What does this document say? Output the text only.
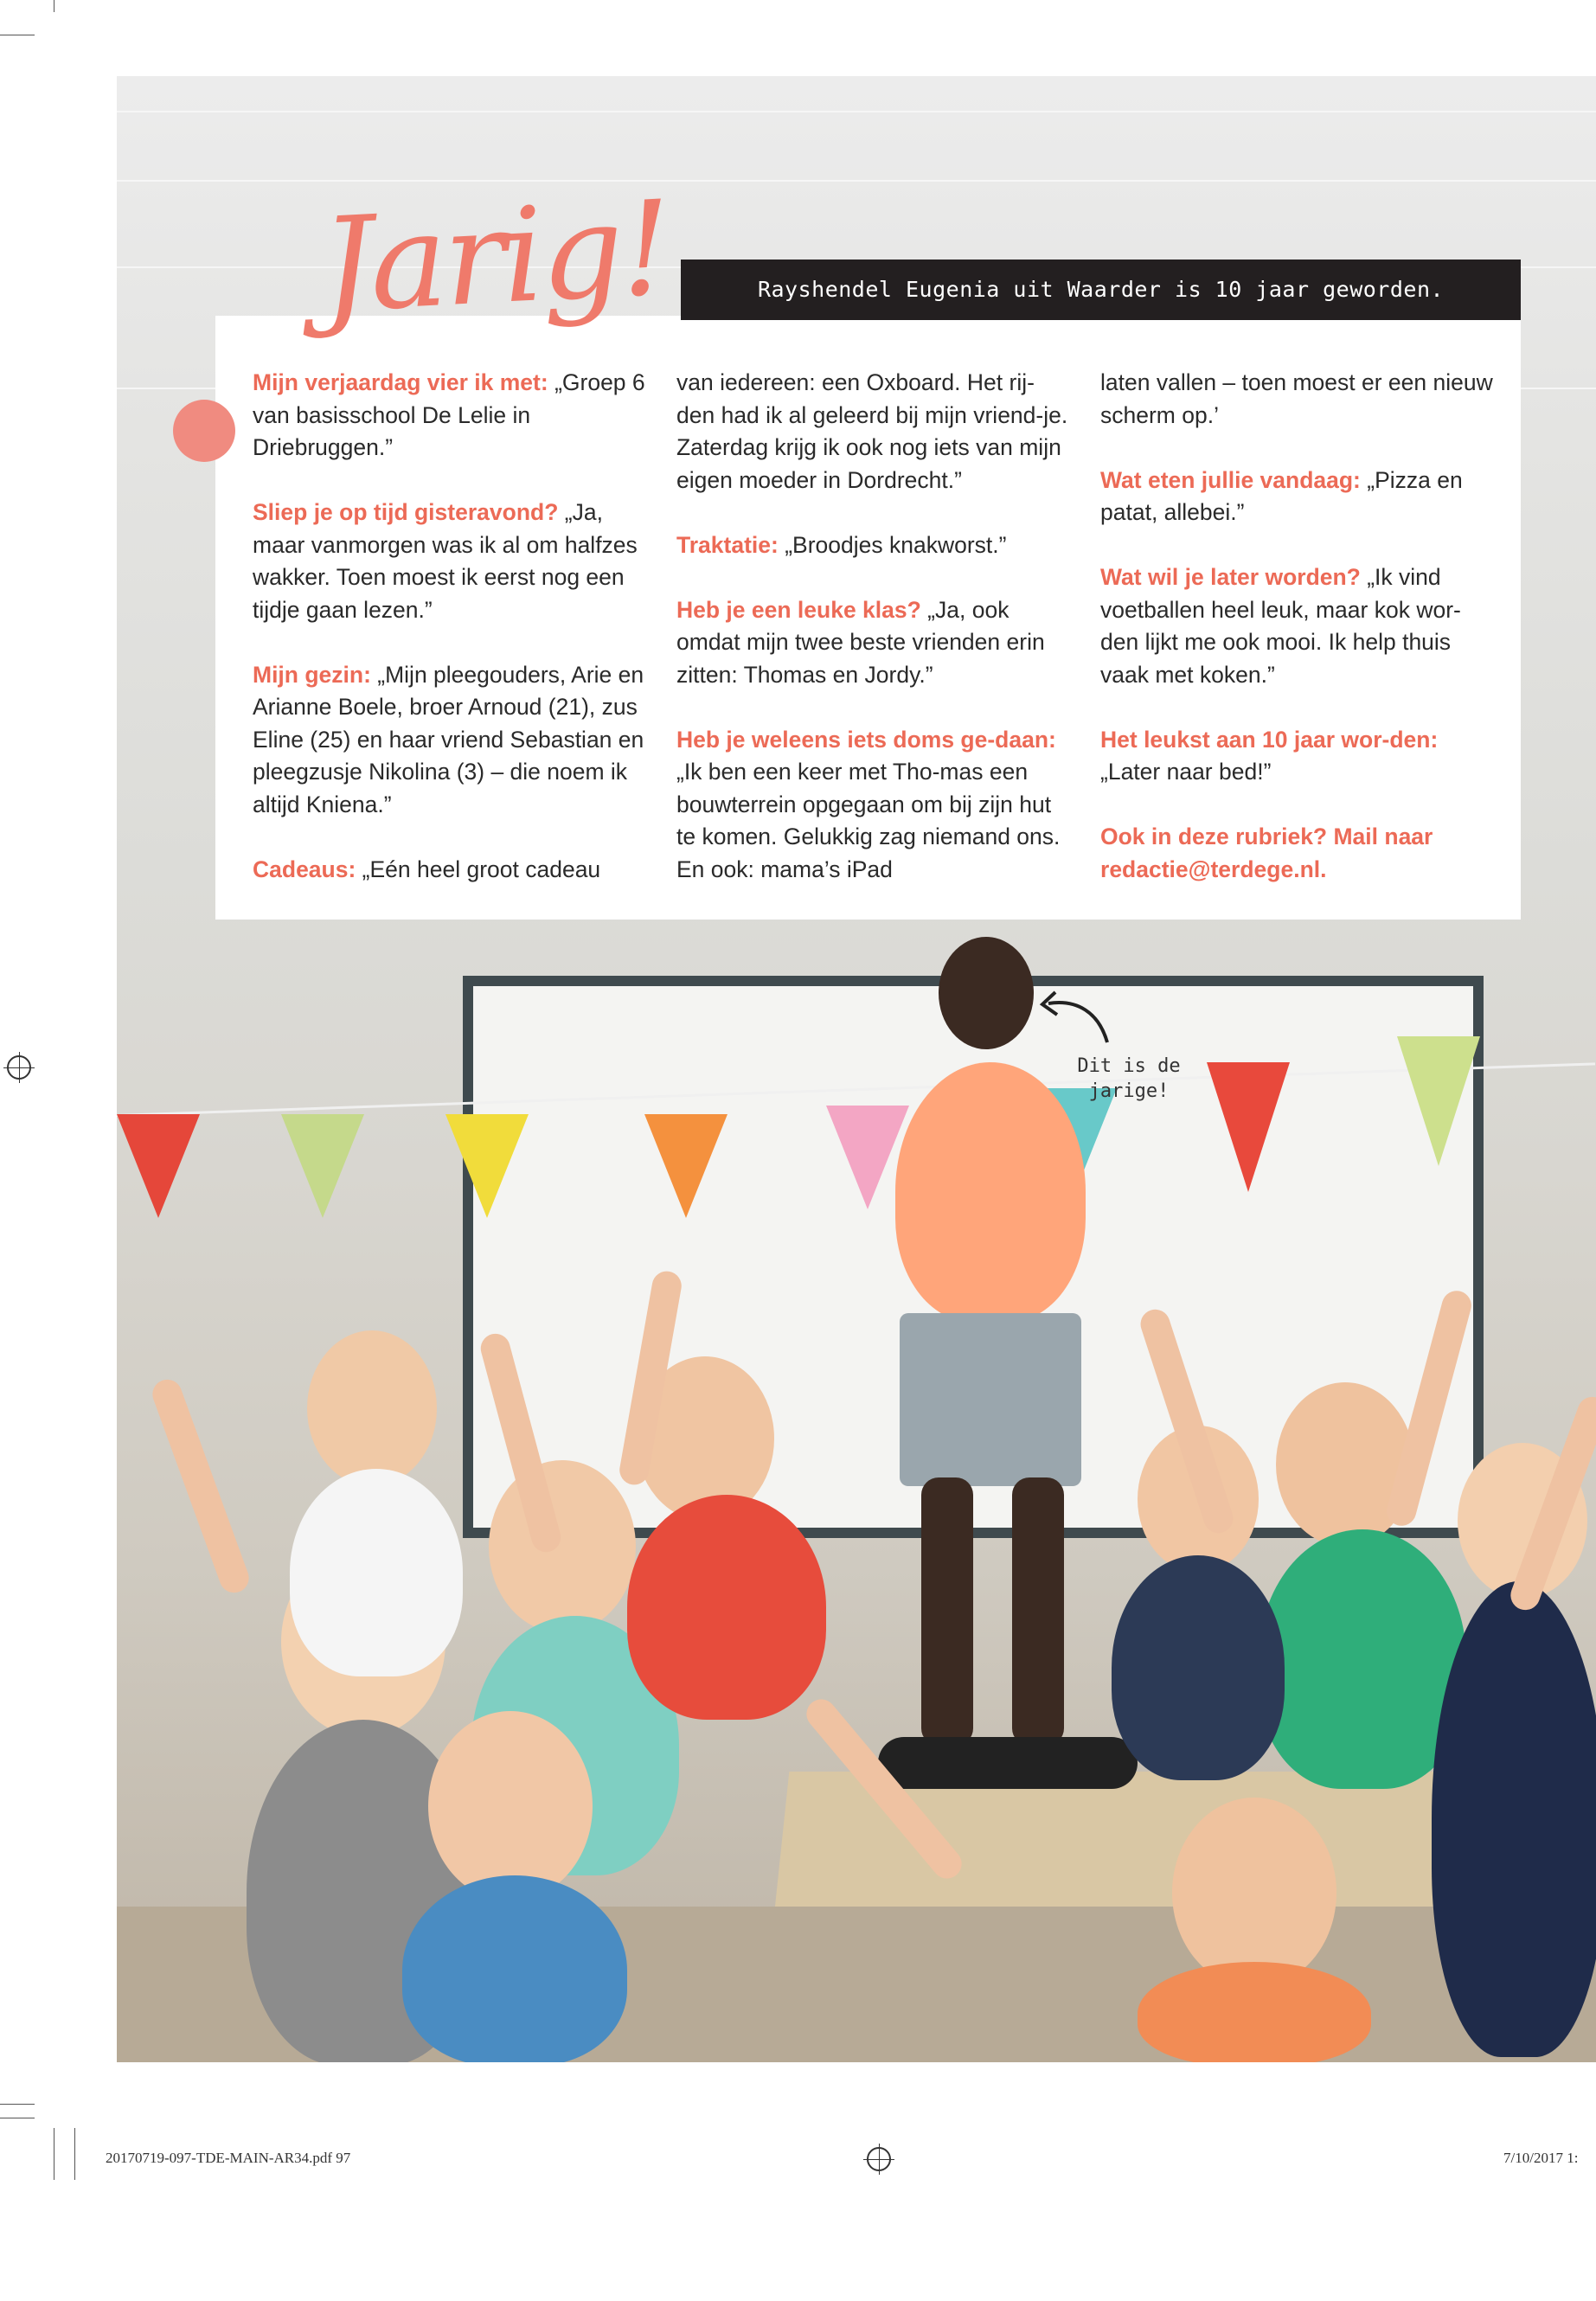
Dit is de
jarige!
Rayshendel Eugenia uit Waarder is 10 jaar geworden.
Jarig!

Mijn verjaardag vier ik met: „Groep 6 van basisschool De Lelie in Driebruggen.”

Sliep je op tijd gisteravond? „Ja, maar vanmorgen was ik al om halfzes wakker. Toen moest ik eerst nog een tijdje gaan lezen.”

Mijn gezin: „Mijn pleegouders, Arie en Arianne Boele, broer Arnoud (21), zus Eline (25) en haar vriend Sebastian en pleegzusje Nikolina (3) – die noem ik altijd Kniena.”

Cadeaus: „Eén heel groot cadeau

van iedereen: een Oxboard. Het rij-den had ik al geleerd bij mijn vriend-je. Zaterdag krijg ik ook nog iets van mijn eigen moeder in Dordrecht.”

Traktatie: „Broodjes knakworst.”

Heb je een leuke klas? „Ja, ook omdat mijn twee beste vrienden erin zitten: Thomas en Jordy.”

Heb je weleens iets doms ge-daan: „Ik ben een keer met Tho-mas een bouwterrein opgegaan om bij zijn hut te komen. Gelukkig zag niemand ons. En ook: mama’s iPad

laten vallen – toen moest er een nieuw scherm op.’

Wat eten jullie vandaag: „Pizza en patat, allebei.”

Wat wil je later worden? „Ik vind voetballen heel leuk, maar kok wor-den lijkt me ook mooi. Ik help thuis vaak met koken.”

Het leukst aan 10 jaar wor-den: „Later naar bed!”

Ook in deze rubriek? Mail naar redactie@terdege.nl.

20170719-097-TDE-MAIN-AR34.pdf 97	7/10/2017 1:
